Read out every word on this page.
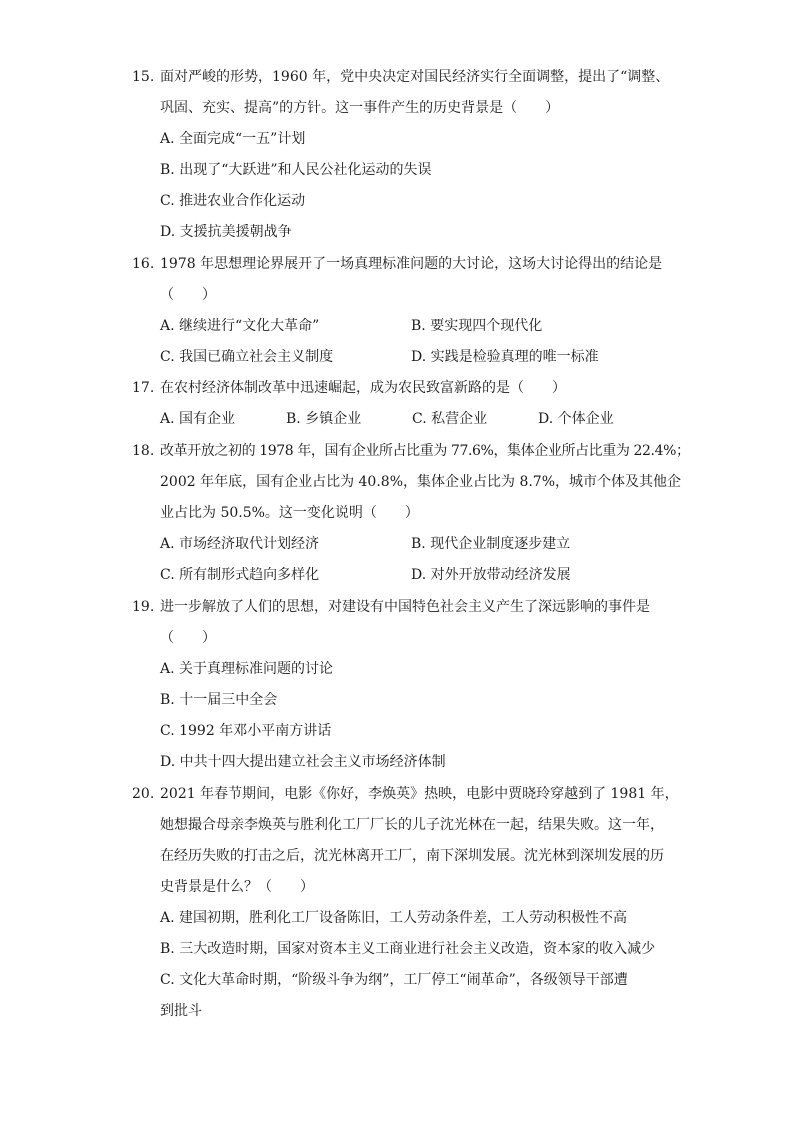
15. 面对严峻的形势，1960 年，党中央决定对国民经济实行全面调整，提出了“调整、
巩固、充实、提高”的方针。这一事件产生的历史背景是（　　）
A. 全面完成“一五”计划
B. 出现了“大跃进”和人民公社化运动的失误
C. 推进农业合作化运动
D. 支援抗美援朝战争
16. 1978 年思想理论界展开了一场真理标准问题的大讨论，这场大讨论得出的结论是
（　　）
A. 继续进行“文化大革命”	B. 要实现四个现代化
C. 我国已确立社会主义制度	D. 实践是检验真理的唯一标准
17. 在农村经济体制改革中迅速崛起，成为农民致富新路的是（　　）
A. 国有企业	B. 乡镇企业	C. 私营企业	D. 个体企业
18. 改革开放之初的 1978 年，国有企业所占比重为 77.6%，集体企业所占比重为 22.4%；
2002 年年底，国有企业占比为 40.8%，集体企业占比为 8.7%，城市个体及其他企
业占比为 50.5%。这一变化说明（　　）
A. 市场经济取代计划经济	B. 现代企业制度逐步建立
C. 所有制形式趋向多样化	D. 对外开放带动经济发展
19. 进一步解放了人们的思想，对建设有中国特色社会主义产生了深远影响的事件是
（　　）
A. 关于真理标准问题的讨论
B. 十一届三中全会
C. 1992 年邓小平南方讲话
D. 中共十四大提出建立社会主义市场经济体制
20. 2021 年春节期间，电影《你好，李焕英》热映，电影中贾晓玲穿越到了 1981 年，
她想撮合母亲李焕英与胜利化工厂厂长的儿子沈光林在一起，结果失败。这一年，
在经历失败的打击之后，沈光林离开工厂，南下深圳发展。沈光林到深圳发展的历
史背景是什么？（　　）
A. 建国初期，胜利化工厂设备陈旧，工人劳动条件差，工人劳动积极性不高
B. 三大改造时期，国家对资本主义工商业进行社会主义改造，资本家的收入减少
C. 文化大革命时期，“阶级斗争为纲”，工厂停工“闹革命”，各级领导干部遭
到批斗
